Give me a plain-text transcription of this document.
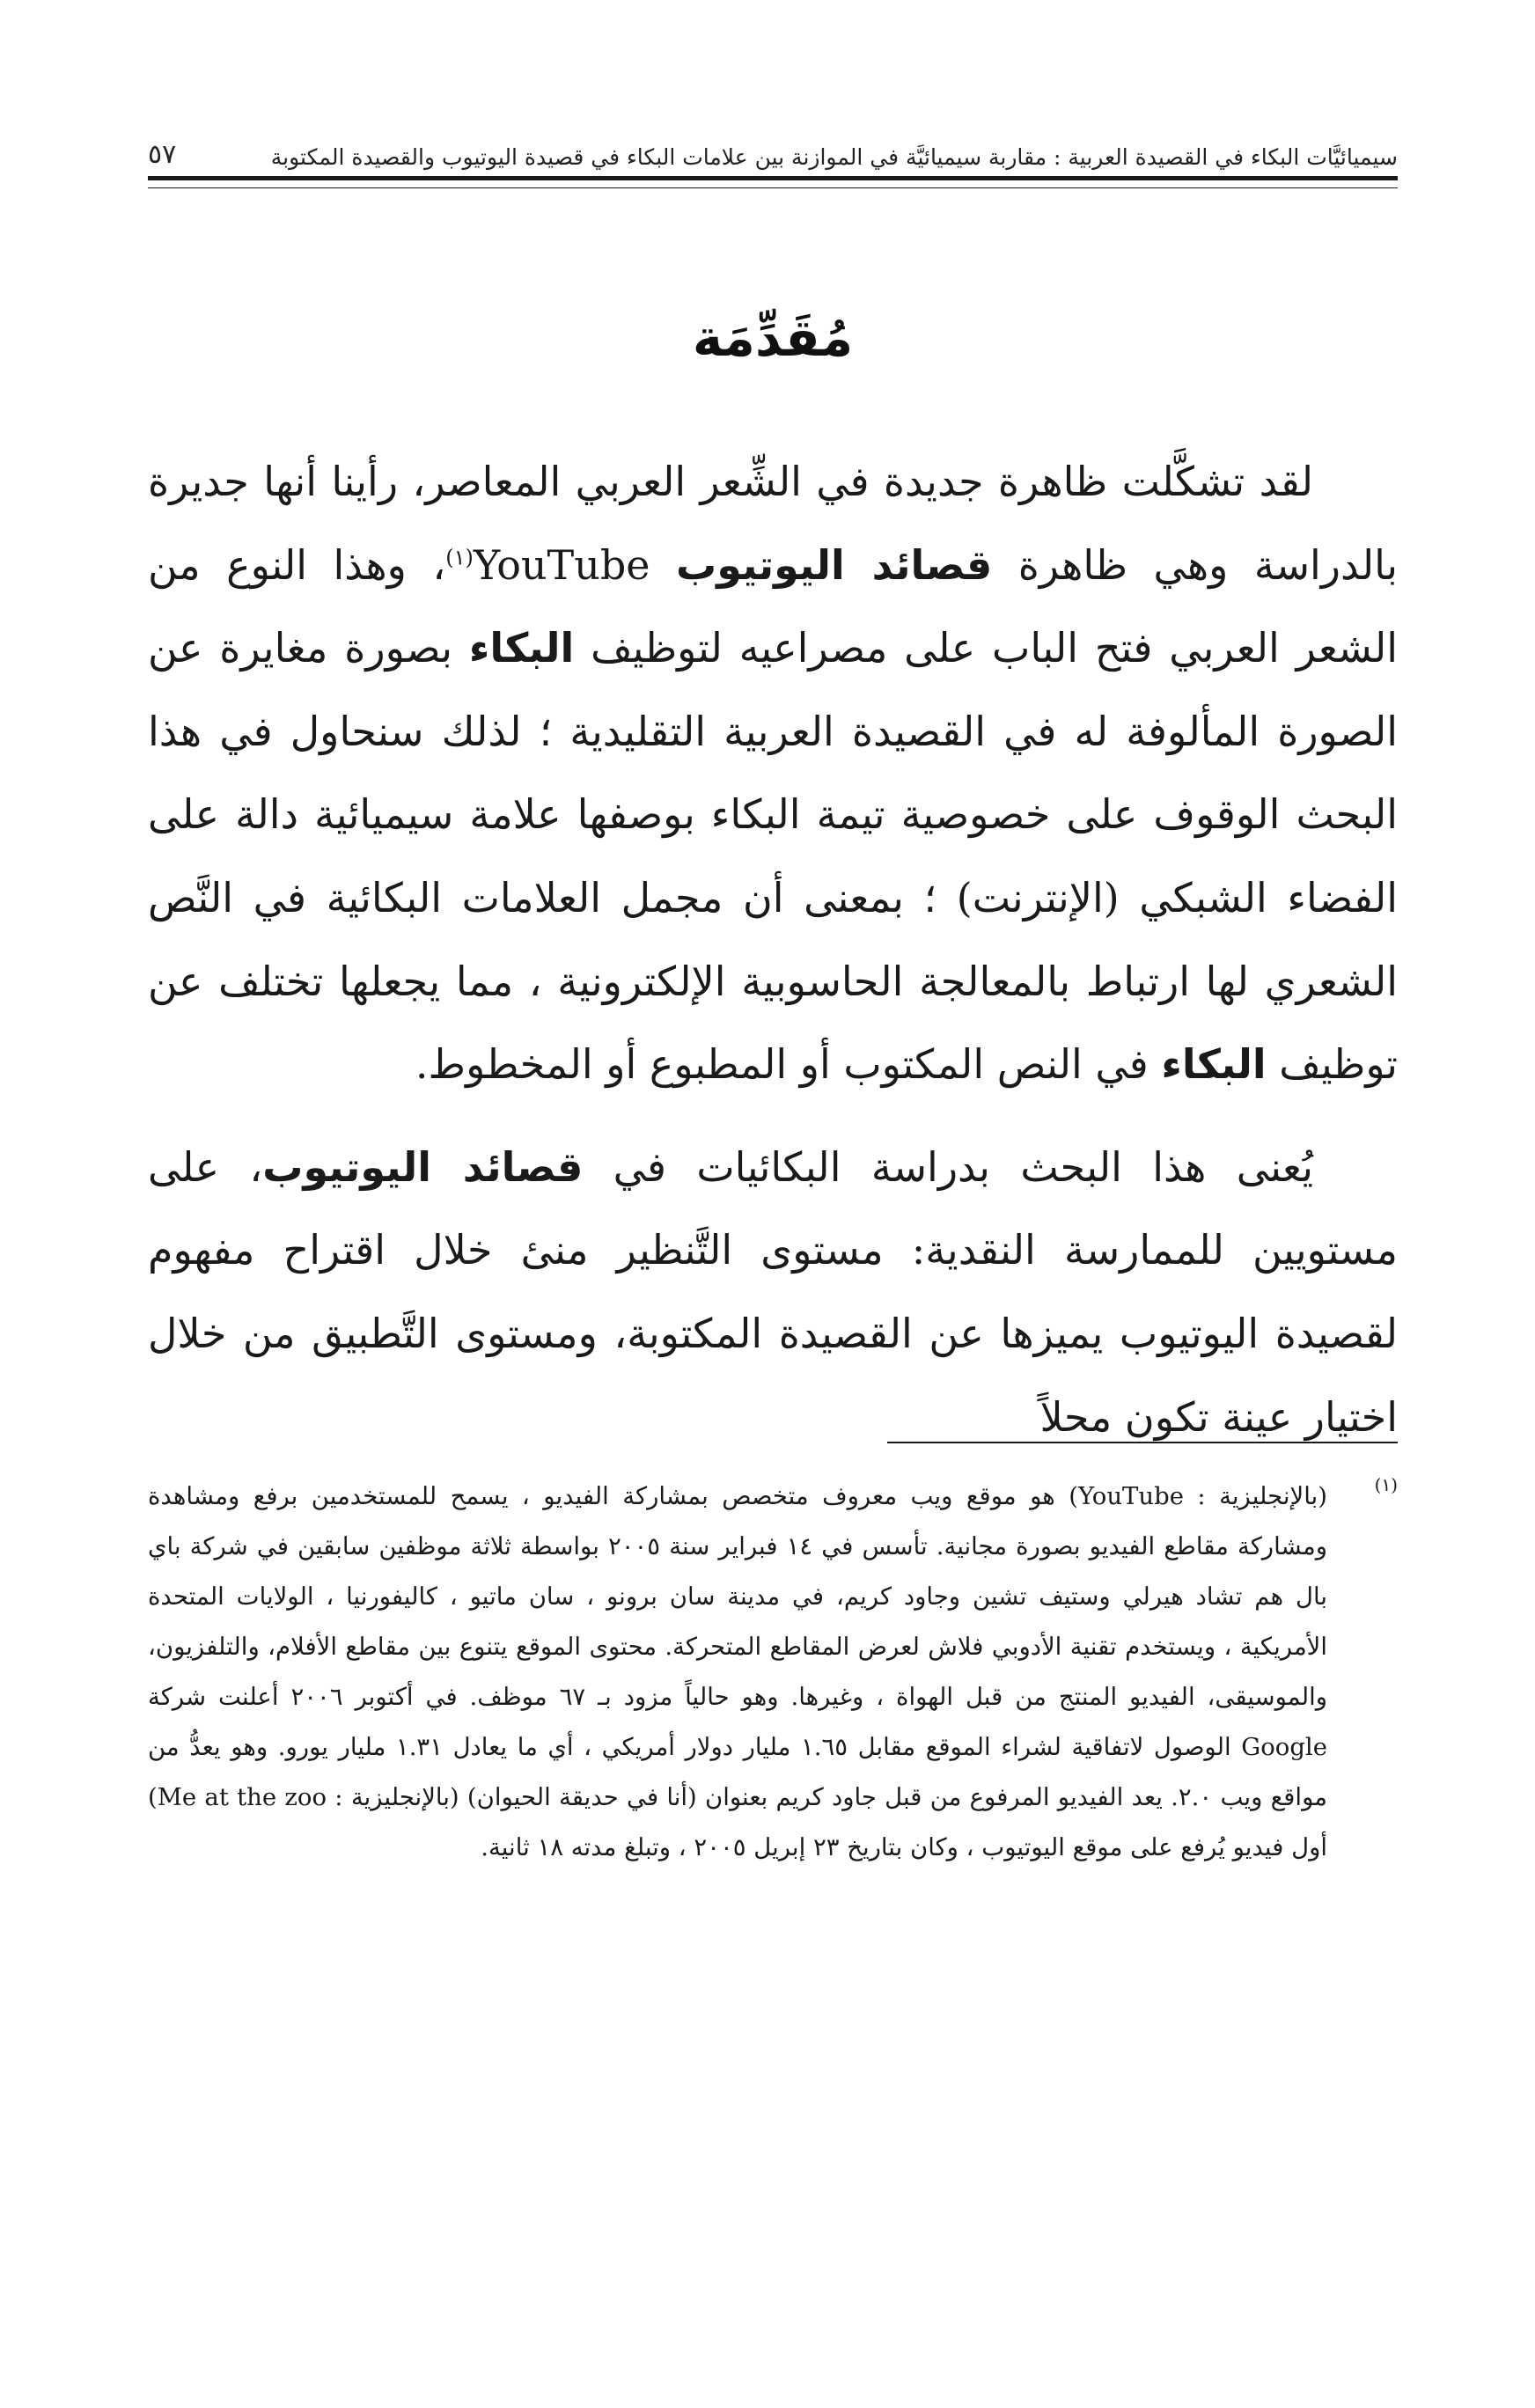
سيميائيَّات البكاء في القصيدة العربية : مقاربة سيميائيَّة في الموازنة بين علامات البكاء في قصيدة اليوتيوب والقصيدة المكتوبة
٥٧
مُقَدِّمَة

لقد تشكَّلت ظاهرة جديدة في الشِّعر العربي المعاصر، رأينا أنها جديرة بالدراسة وهي ظاهرة قصائد اليوتيوب YouTube$^{(١)}$، وهذا النوع من الشعر العربي فتح الباب على مصراعيه لتوظيف البكاء بصورة مغايرة عن الصورة المألوفة له في القصيدة العربية التقليدية ؛ لذلك سنحاول في هذا البحث الوقوف على خصوصية تيمة البكاء بوصفها علامة سيميائية دالة على الفضاء الشبكي (الإنترنت) ؛ بمعنى أن مجمل العلامات البكائية في النَّص الشعري لها ارتباط بالمعالجة الحاسوبية الإلكترونية ، مما يجعلها تختلف عن توظيف البكاء في النص المكتوب أو المطبوع أو المخطوط.

يُعنى هذا البحث بدراسة البكائيات في قصائد اليوتيوب، على مستويين للممارسة النقدية: مستوى التَّنظير منىٔ خلال اقتراح مفهوم لقصيدة اليوتيوب يميزها عن القصيدة المكتوبة، ومستوى التَّطبيق من خلال اختيار عينة تكون محلاً

(١)
(بالإنجليزية : YouTube) هو موقع ويب معروف متخصص بمشاركة الفيديو ، يسمح للمستخدمين برفع ومشاهدة ومشاركة مقاطع الفيديو بصورة مجانية. تأسس في ١٤ فبراير سنة ٢٠٠٥ بواسطة ثلاثة موظفين سابقين في شركة باي بال هم تشاد هيرلي وستيف تشين وجاود كريم، في مدينة سان برونو ، سان ماتيو ، كاليفورنيا ، الولايات المتحدة الأمريكية ، ويستخدم تقنية الأدوبي فلاش لعرض المقاطع المتحركة. محتوى الموقع يتنوع بين مقاطع الأفلام، والتلفزيون، والموسيقى، الفيديو المنتج من قبل الهواة ، وغيرها. وهو حالياً مزود بـ ٦٧ موظف. في أكتوبر ٢٠٠٦ أعلنت شركة Google الوصول لاتفاقية لشراء الموقع مقابل ١.٦٥ مليار دولار أمريكي ، أي ما يعادل ١.٣١ مليار يورو. وهو يعدُّ من مواقع ويب ٢.٠. يعد الفيديو المرفوع من قبل جاود كريم بعنوان (أنا في حديقة الحيوان) (بالإنجليزية : Me at the zoo) أول فيديو يُرفع على موقع اليوتيوب ، وكان بتاريخ ٢٣ إبريل ٢٠٠٥ ، وتبلغ مدته ١٨ ثانية.
